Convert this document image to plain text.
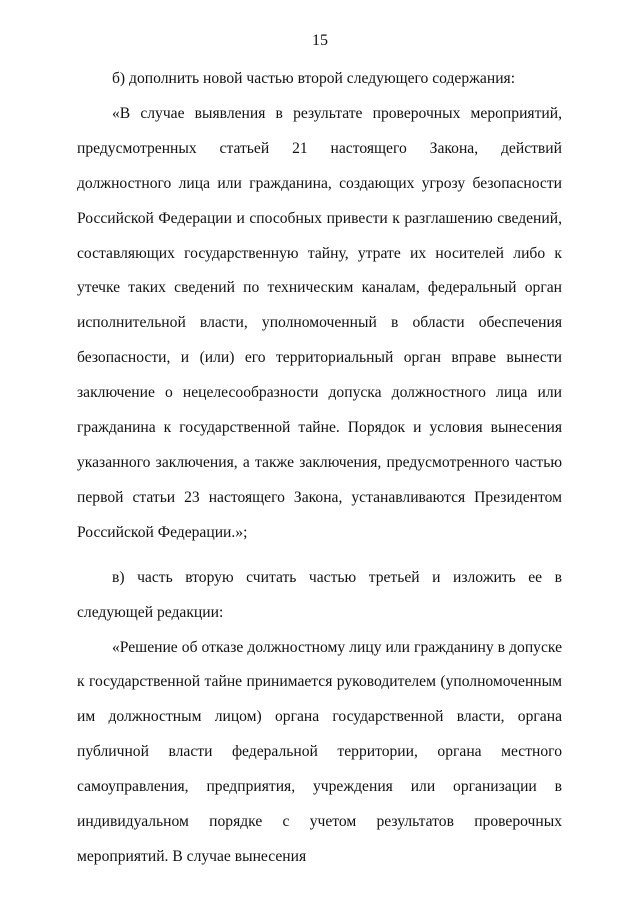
15

б) дополнить новой частью второй следующего содержания:

«В случае выявления в результате проверочных мероприятий, предусмотренных статьей 21 настоящего Закона, действий должностного лица или гражданина, создающих угрозу безопасности Российской Федерации и способных привести к разглашению сведений, составляющих государственную тайну, утрате их носителей либо к утечке таких сведений по техническим каналам, федеральный орган исполнительной власти, уполномоченный в области обеспечения безопасности, и (или) его территориальный орган вправе вынести заключение о нецелесообразности допуска должностного лица или гражданина к государственной тайне. Порядок и условия вынесения указанного заключения, а также заключения, предусмотренного частью первой статьи 23 настоящего Закона, устанавливаются Президентом Российской Федерации.»;

в) часть вторую считать частью третьей и изложить ее в следующей редакции:

«Решение об отказе должностному лицу или гражданину в допуске к государственной тайне принимается руководителем (уполномоченным им должностным лицом) органа государственной власти, органа публичной власти федеральной территории, органа местного самоуправления, предприятия, учреждения или организации в индивидуальном порядке с учетом результатов проверочных мероприятий. В случае вынесения
